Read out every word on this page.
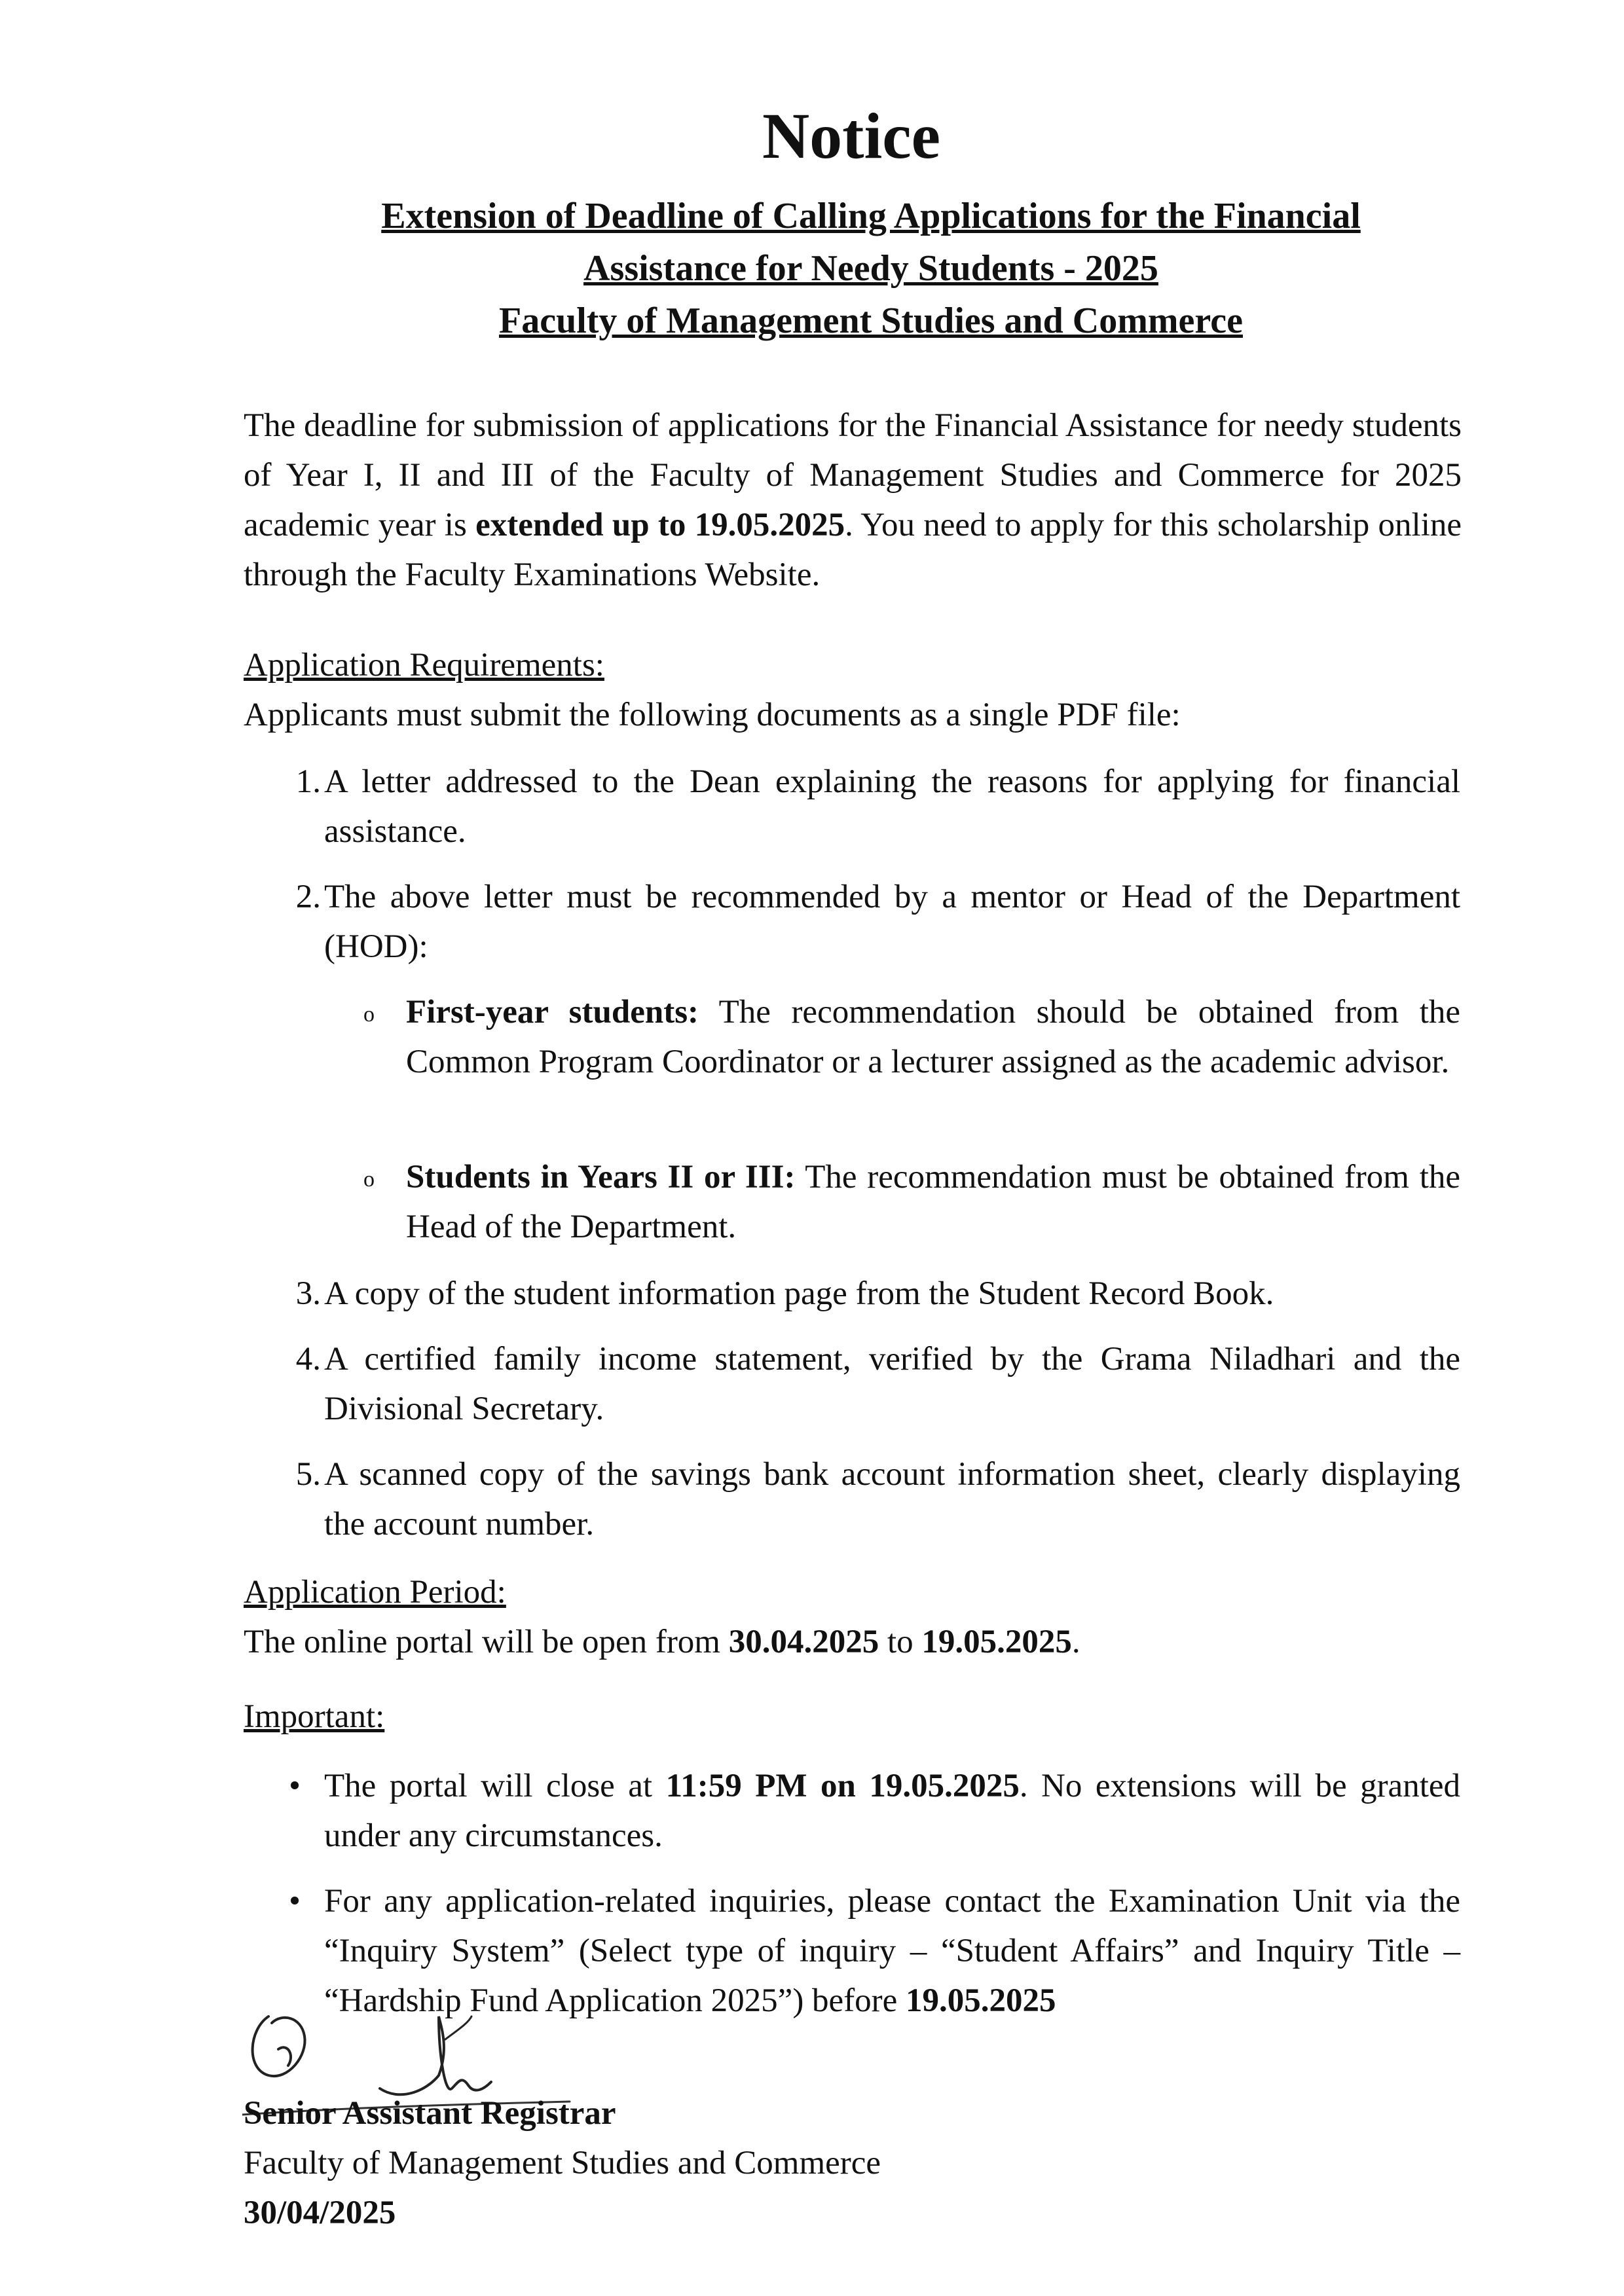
Notice
Extension of Deadline of Calling Applications for the Financial
Assistance for Needy Students - 2025
Faculty of Management Studies and Commerce

The deadline for submission of applications for the Financial Assistance for needy students of Year I, II and III of the Faculty of Management Studies and Commerce for 2025 academic year is extended up to 19.05.2025. You need to apply for this scholarship online through the Faculty Examinations Website.

Application Requirements:
Applicants must submit the following documents as a single PDF file:
1. A letter addressed to the Dean explaining the reasons for applying for financial assistance.
2. The above letter must be recommended by a mentor or Head of the Department (HOD):
o First-year students: The recommendation should be obtained from the Common Program Coordinator or a lecturer assigned as the academic advisor.
o Students in Years II or III: The recommendation must be obtained from the Head of the Department.
3. A copy of the student information page from the Student Record Book.
4. A certified family income statement, verified by the Grama Niladhari and the Divisional Secretary.
5. A scanned copy of the savings bank account information sheet, clearly displaying the account number.
Application Period:
The online portal will be open from 30.04.2025 to 19.05.2025.
Important:
• The portal will close at 11:59 PM on 19.05.2025. No extensions will be granted under any circumstances.
• For any application-related inquiries, please contact the Examination Unit via the “Inquiry System” (Select type of inquiry – “Student Affairs” and Inquiry Title – “Hardship Fund Application 2025”) before 19.05.2025
Senior Assistant Registrar
Faculty of Management Studies and Commerce
30/04/2025
